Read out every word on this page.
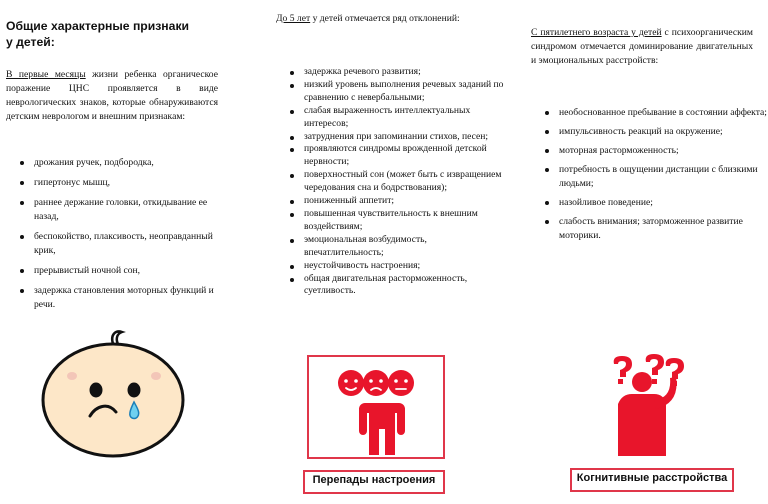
Общие характерные признаки
у детей:
В первые месяцы жизни ребенка органическое поражение ЦНС проявляется в виде неврологических знаков, которые обнаруживаются детским неврологом и внешним признакам:
дрожания ручек, подбородка,
гипертонус мышц,
раннее держание головки, откидывание ее назад,
беспокойство, плаксивость, неоправданный крик,
прерывистый ночной сон,
задержка становления моторных функций и речи.
До 5 лет у детей отмечается ряд отклонений:
задержка речевого развития;
низкий уровень выполнения речевых заданий по сравнению с невербальными;
слабая выраженность интеллектуальных интересов;
затруднения при запоминании стихов, песен;
проявляются синдромы врожденной детской нервности;
поверхностный сон (может быть с извращением чередования сна и бодрствования);
пониженный аппетит;
повышенная чувствительность к внешним воздействиям;
эмоциональная возбудимость, впечатлительность;
неустойчивость настроения;
общая двигательная расторможенность, суетливость.
Перепады настроения
С пятилетнего возраста у детей с психоорганическим синдромом отмечается доминирование двигательных и эмоциональных расстройств:
необоснованное пребывание в состоянии аффекта;
импульсивность реакций на окружение;
моторная расторможенность;
потребность в ощущении дистанции с близкими людьми;
назойливое поведение;
слабость внимания; заторможенное развитие моторики.
Когнитивные расстройства
